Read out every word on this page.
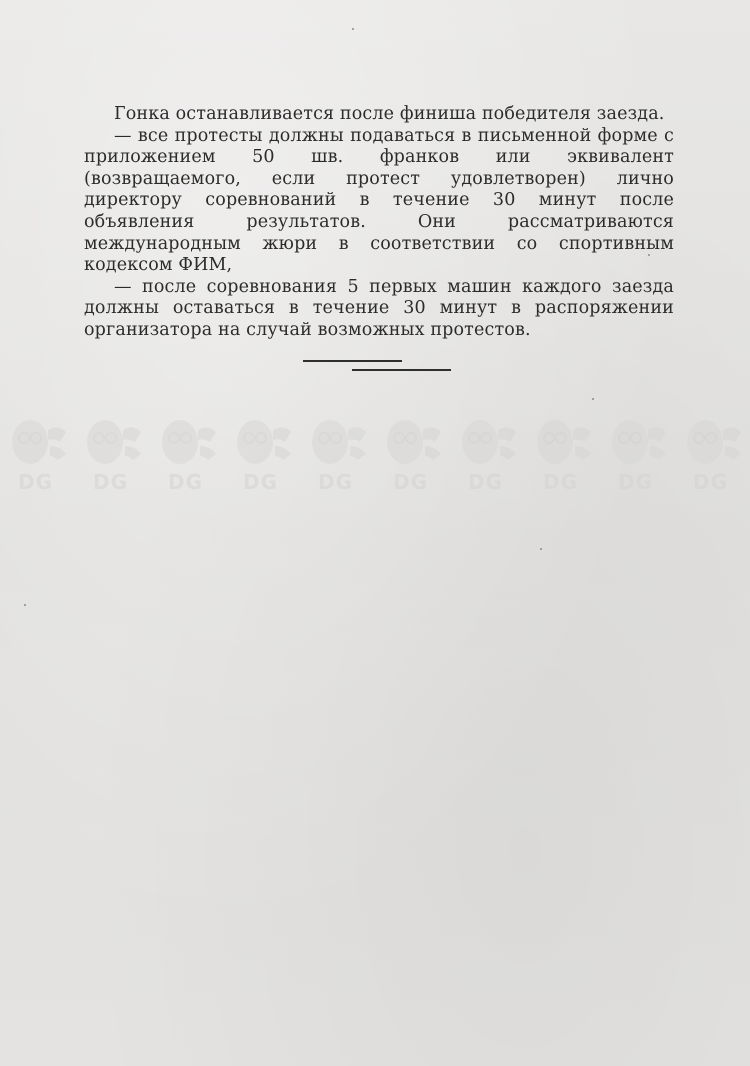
Гонка останавливается после финиша победителя заезда.

— все протесты должны подаваться в письменной форме с приложением 50 шв. франков или эквивалент (возвращаемого, если протест удовлетворен) лично директору соревнований в течение 30 минут после объявления результатов. Они рассматриваются международным жюри в соответствии со спортивным кодексом ФИМ,

— после соревнования 5 первых машин каждого заезда должны оставаться в течение 30 минут в распоряжении организатора на случай возможных протестов.

DG DG DG DG DG DG DG DG DG DG
